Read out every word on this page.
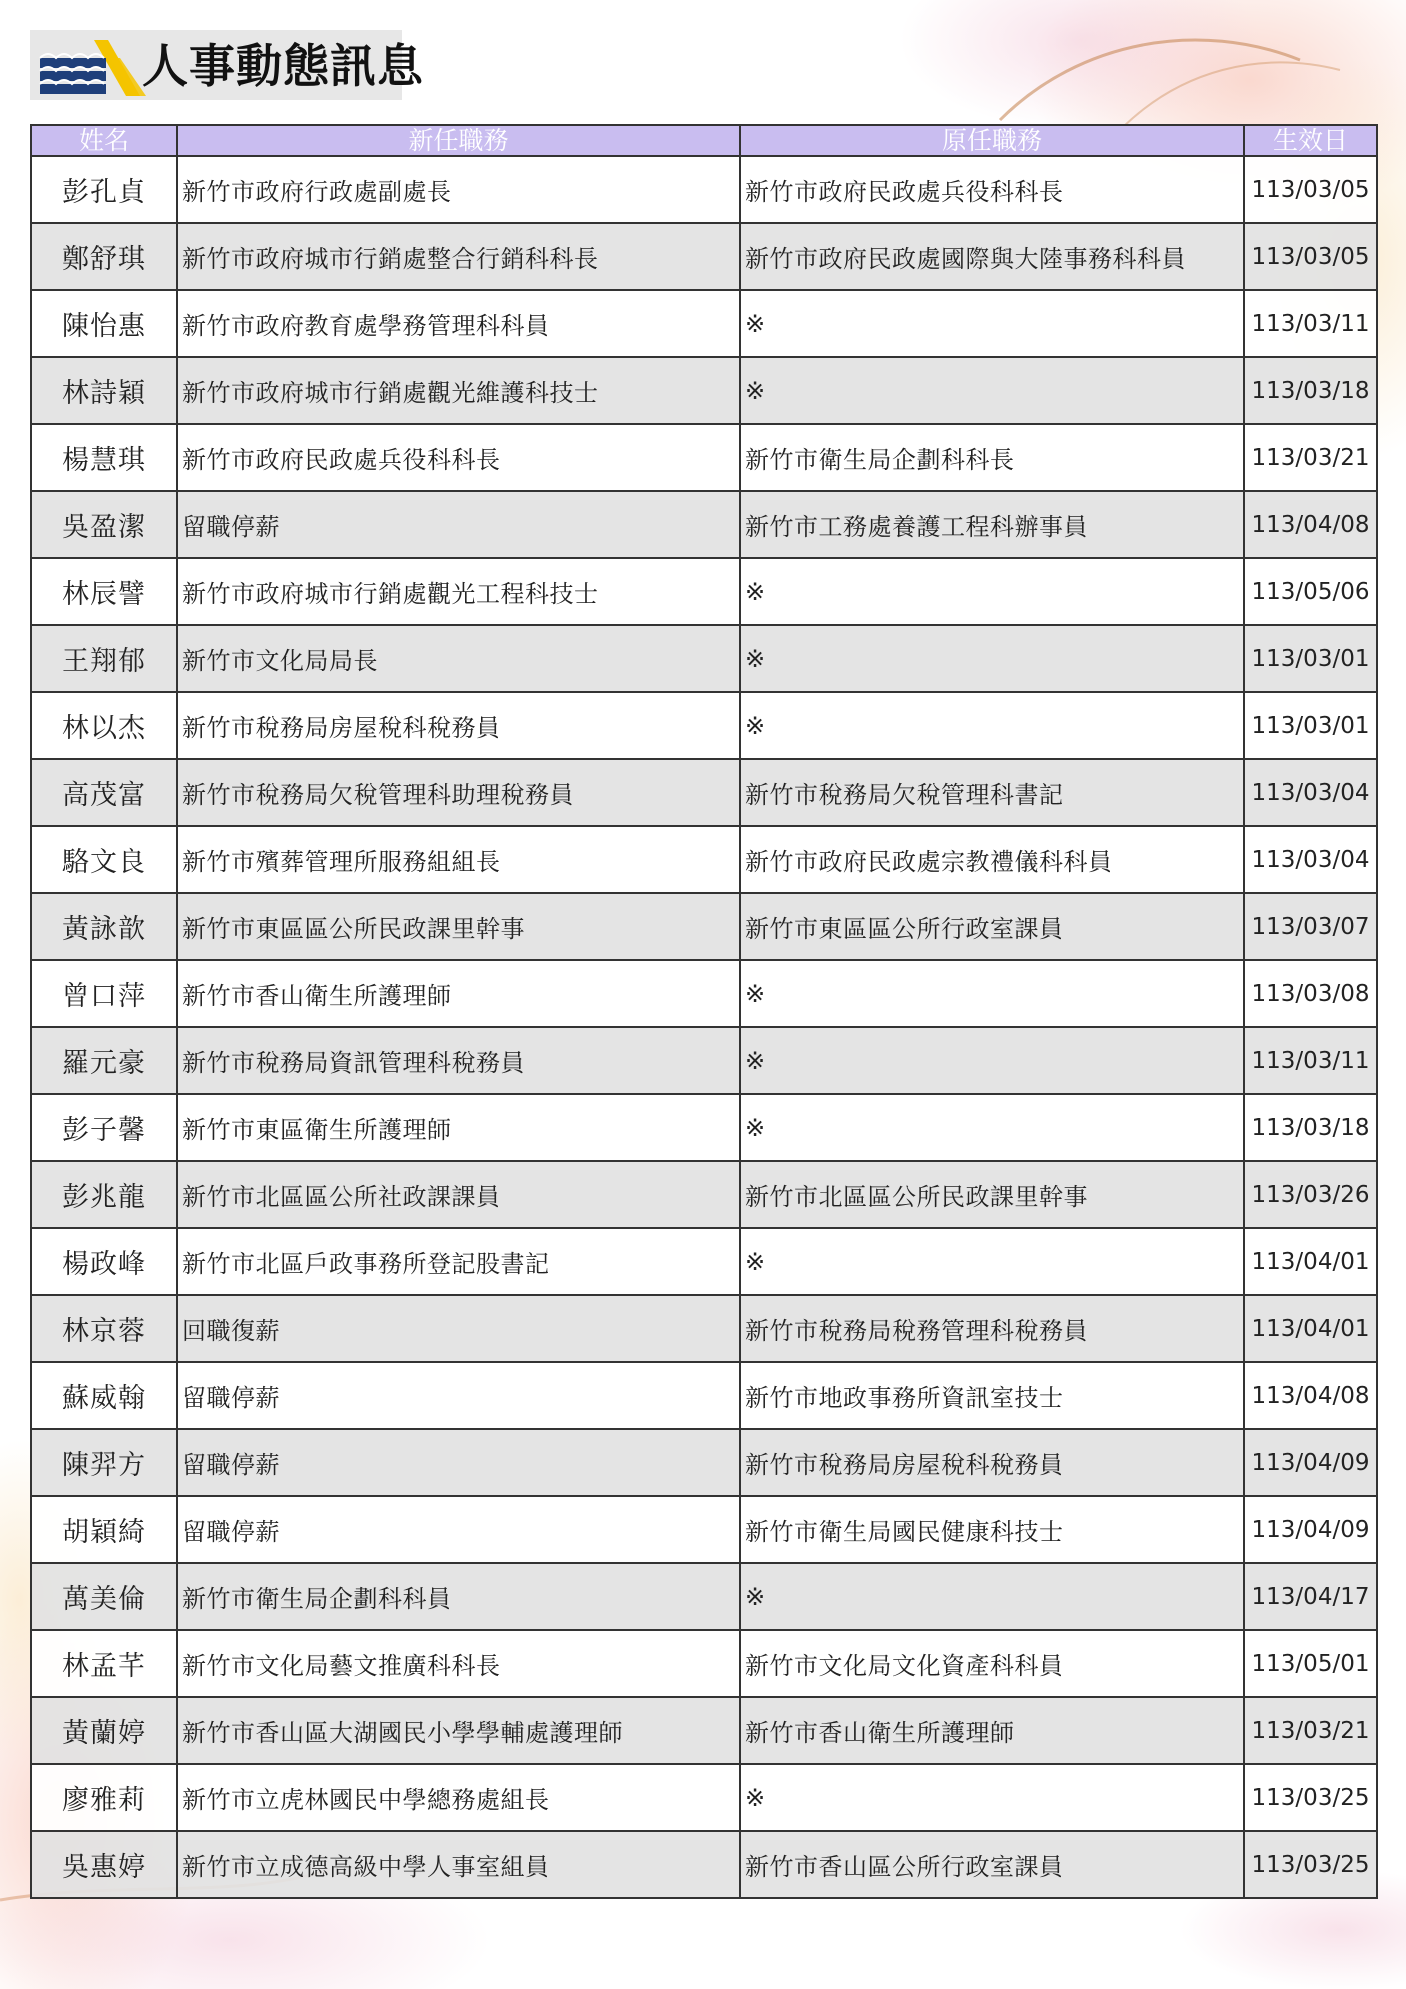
人事動態訊息
姓名	新任職務	原任職務	生效日
彭孔貞	新竹市政府行政處副處長	新竹市政府民政處兵役科科長	113/03/05
鄭舒琪	新竹市政府城市行銷處整合行銷科科長	新竹市政府民政處國際與大陸事務科科員	113/03/05
陳怡惠	新竹市政府教育處學務管理科科員	※	113/03/11
林詩穎	新竹市政府城市行銷處觀光維護科技士	※	113/03/18
楊慧琪	新竹市政府民政處兵役科科長	新竹市衛生局企劃科科長	113/03/21
吳盈潔	留職停薪	新竹市工務處養護工程科辦事員	113/04/08
林辰譬	新竹市政府城市行銷處觀光工程科技士	※	113/05/06
王翔郁	新竹市文化局局長	※	113/03/01
林以杰	新竹市稅務局房屋稅科稅務員	※	113/03/01
高茂富	新竹市稅務局欠稅管理科助理稅務員	新竹市稅務局欠稅管理科書記	113/03/04
駱文良	新竹市殯葬管理所服務組組長	新竹市政府民政處宗教禮儀科科員	113/03/04
黃詠歆	新竹市東區區公所民政課里幹事	新竹市東區區公所行政室課員	113/03/07
曾口萍	新竹市香山衛生所護理師	※	113/03/08
羅元豪	新竹市稅務局資訊管理科稅務員	※	113/03/11
彭子馨	新竹市東區衛生所護理師	※	113/03/18
彭兆龍	新竹市北區區公所社政課課員	新竹市北區區公所民政課里幹事	113/03/26
楊政峰	新竹市北區戶政事務所登記股書記	※	113/04/01
林京蓉	回職復薪	新竹市稅務局稅務管理科稅務員	113/04/01
蘇威翰	留職停薪	新竹市地政事務所資訊室技士	113/04/08
陳羿方	留職停薪	新竹市稅務局房屋稅科稅務員	113/04/09
胡穎綺	留職停薪	新竹市衛生局國民健康科技士	113/04/09
萬美倫	新竹市衛生局企劃科科員	※	113/04/17
林孟芊	新竹市文化局藝文推廣科科長	新竹市文化局文化資產科科員	113/05/01
黃蘭婷	新竹市香山區大湖國民小學學輔處護理師	新竹市香山衛生所護理師	113/03/21
廖雅莉	新竹市立虎林國民中學總務處組長	※	113/03/25
吳惠婷	新竹市立成德高級中學人事室組員	新竹市香山區公所行政室課員	113/03/25
